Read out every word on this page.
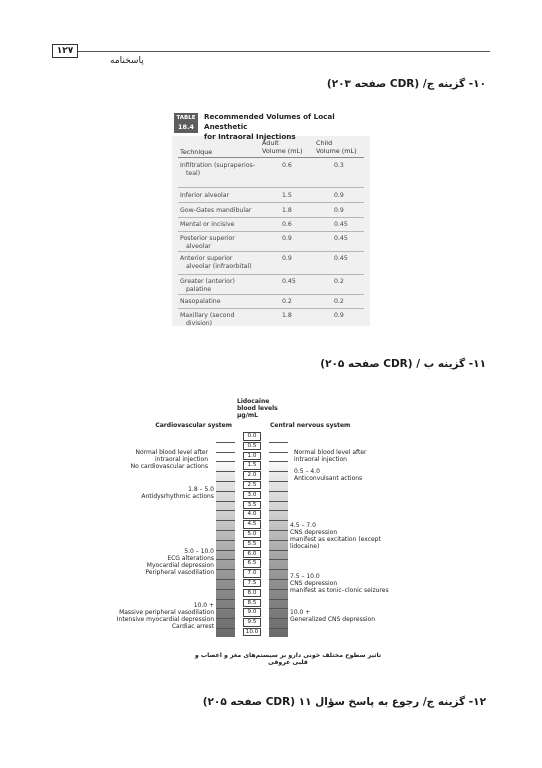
۱۲۷
پاسخنامه
۱۰- گزینه ج/ (CDR صفحه ۲۰۳)
TABLE
18.4
Recommended Volumes of Local Anesthetic
for Intraoral Injections
Technique
Adult
Volume (mL)
Child
Volume (mL)
Infiltration (supraperios-
teal)
0.6	0.3
Inferior alveolar	1.5	0.9
Gow-Gates mandibular	1.8	0.9
Mental or incisive	0.6	0.45
Posterior superior
alveolar
0.9	0.45
Anterior superior
alveolar (infraorbital)
0.9	0.45
Greater (anterior)
palatine
0.45	0.2
Nasopalatine	0.2	0.2
Maxillary (second
division)
1.8	0.9
۱۱- گزینه ب / (CDR صفحه ۲۰۵)
Lidocaine
blood levels
μg/mL
Cardiovascular system	Central nervous system
0.0
0.5
1.0
1.5
2.0
2.5
3.0
3.5
4.0
4.5
5.0
5.5
6.0
6.5
7.0
7.5
8.0
8.5
9.0
9.5
10.0
Normal blood level after
intraoral injection
No cardiovascular actions
1.8 – 5.0
Antidysrhythmic actions
5.0 – 10.0
ECG alterations
Myocardial depression
Peripheral vasodilation
10.0 +
Massive peripheral vasodilation
Intensive myocardial depression
Cardiac arrest
Normal blood level after
intraoral injection
0.5 – 4.0
Anticonvulsant actions
4.5 – 7.0
CNS depression
manifest as excitation (except lidocaine)
7.5 – 10.0
CNS depression
manifest as tonic–clonic seizures
10.0 +
Generalized CNS depression
تاثیر سطوح مختلف خونی دارو بر سیستم‌های مغز و اعصاب و قلبی عروقی
۱۲- گزینه ج/ رجوع به پاسخ سؤال ۱۱ (CDR صفحه ۲۰۵)
